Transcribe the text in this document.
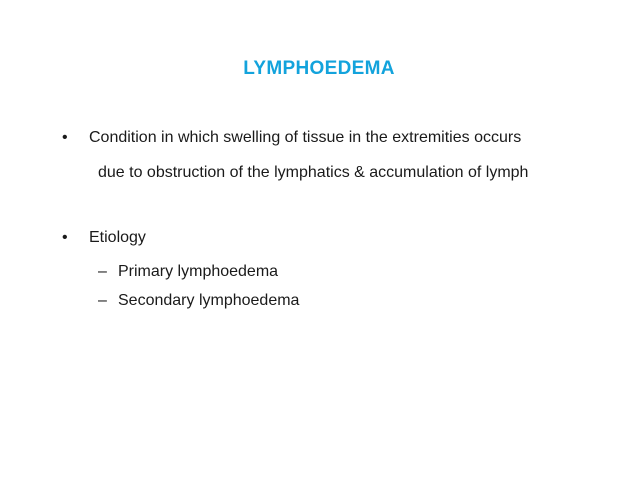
LYMPHOEDEMA
•	Condition in which swelling of tissue in the extremities occurs
due to obstruction of the lymphatics & accumulation of lymph
•	Etiology
– Primary lymphoedema
– Secondary lymphoedema
